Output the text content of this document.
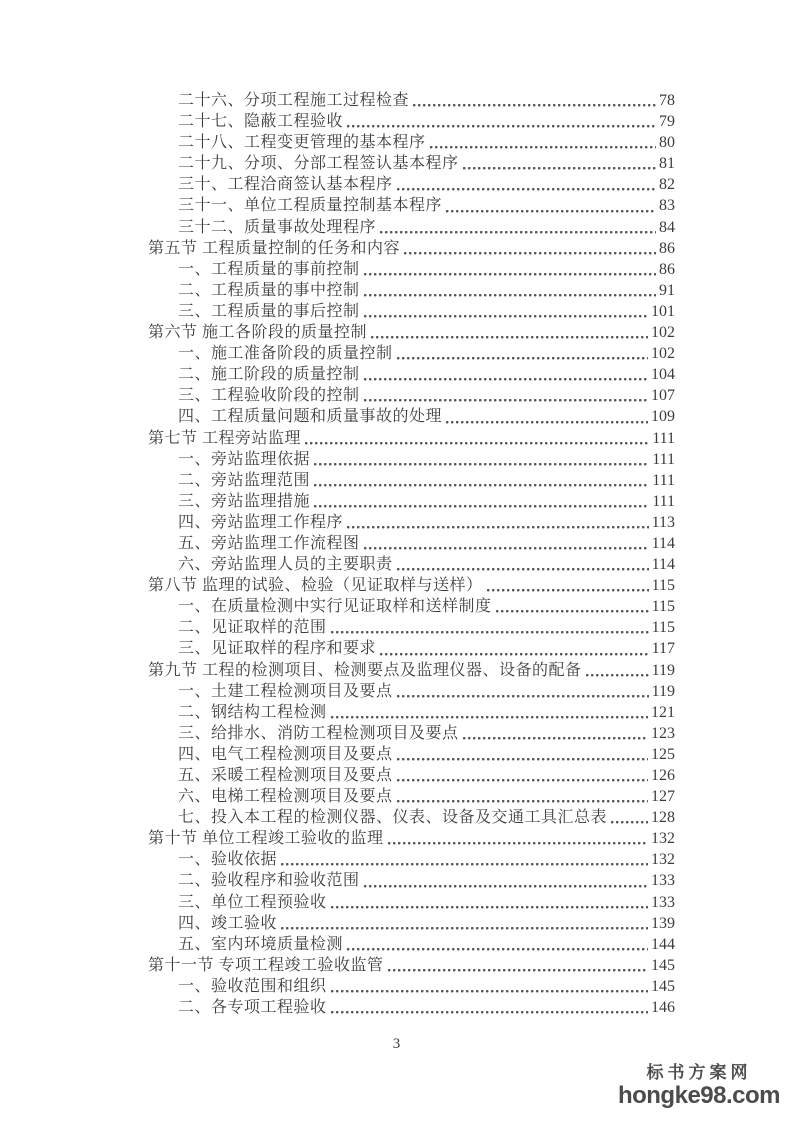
二十六、分项工程施工过程检查	78
二十七、隐蔽工程验收	79
二十八、工程变更管理的基本程序	80
二十九、分项、分部工程签认基本程序	81
三十、工程洽商签认基本程序	82
三十一、单位工程质量控制基本程序	83
三十二、质量事故处理程序	84
第五节 工程质量控制的任务和内容	86
一、工程质量的事前控制	86
二、工程质量的事中控制	91
三、工程质量的事后控制	101
第六节 施工各阶段的质量控制	102
一、施工准备阶段的质量控制	102
二、施工阶段的质量控制	104
三、工程验收阶段的控制	107
四、工程质量问题和质量事故的处理	109
第七节 工程旁站监理	111
一、旁站监理依据	111
二、旁站监理范围	111
三、旁站监理措施	111
四、旁站监理工作程序	113
五、旁站监理工作流程图	114
六、旁站监理人员的主要职责	114
第八节 监理的试验、检验（见证取样与送样）	115
一、在质量检测中实行见证取样和送样制度	115
二、见证取样的范围	115
三、见证取样的程序和要求	117
第九节 工程的检测项目、检测要点及监理仪器、设备的配备	119
一、土建工程检测项目及要点	119
二、钢结构工程检测	121
三、给排水、消防工程检测项目及要点	123
四、电气工程检测项目及要点	125
五、采暖工程检测项目及要点	126
六、电梯工程检测项目及要点	127
七、投入本工程的检测仪器、仪表、设备及交通工具汇总表	128
第十节 单位工程竣工验收的监理	132
一、验收依据	132
二、验收程序和验收范围	133
三、单位工程预验收	133
四、竣工验收	139
五、室内环境质量检测	144
第十一节 专项工程竣工验收监管	145
一、验收范围和组织	145
二、各专项工程验收	146
3
标书方案网
hongke98.com
